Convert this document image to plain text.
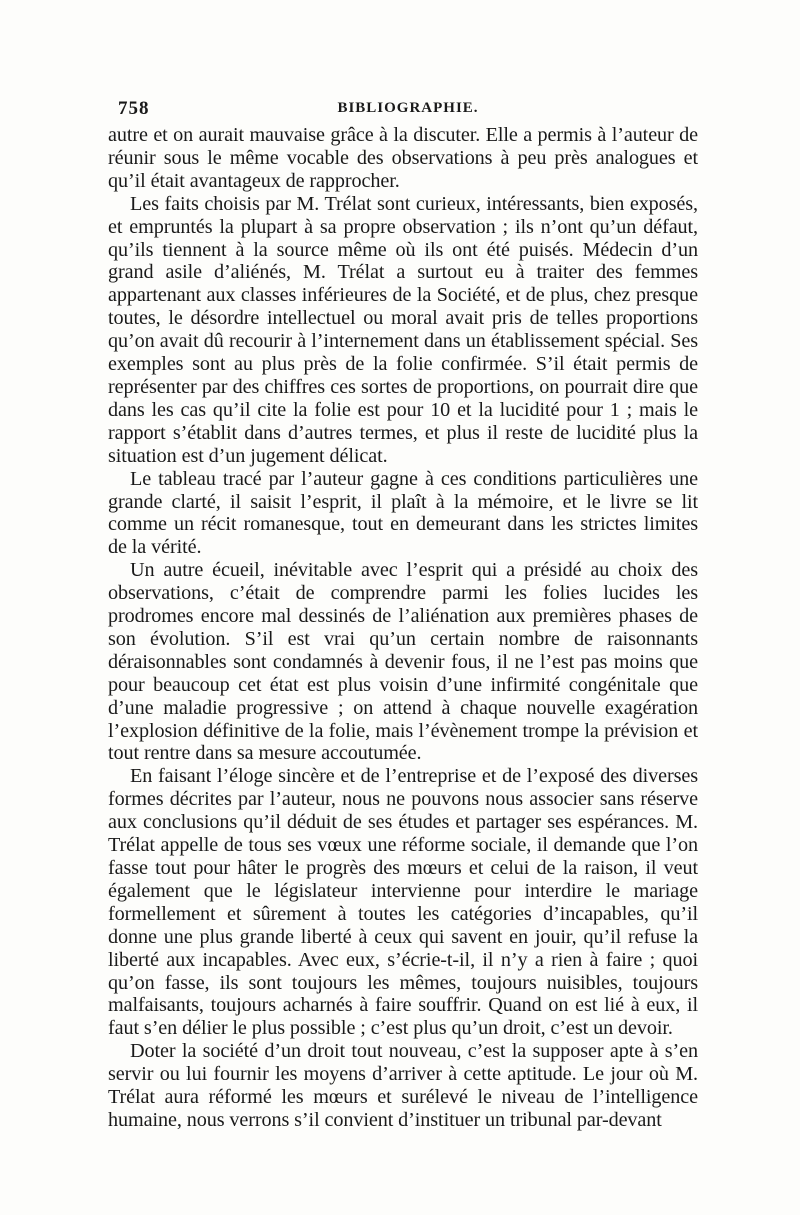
758	BIBLIOGRAPHIE.

autre et on aurait mauvaise grâce à la discuter. Elle a permis à l’auteur de réunir sous le même vocable des observations à peu près analogues et qu’il était avantageux de rapprocher.

Les faits choisis par M. Trélat sont curieux, intéressants, bien exposés, et empruntés la plupart à sa propre observation ; ils n’ont qu’un défaut, qu’ils tiennent à la source même où ils ont été puisés. Médecin d’un grand asile d’aliénés, M. Trélat a surtout eu à traiter des femmes appartenant aux classes inférieures de la Société, et de plus, chez presque toutes, le désordre intellectuel ou moral avait pris de telles proportions qu’on avait dû recourir à l’internement dans un établissement spécial. Ses exemples sont au plus près de la folie confirmée. S’il était permis de représenter par des chiffres ces sortes de proportions, on pourrait dire que dans les cas qu’il cite la folie est pour 10 et la lucidité pour 1 ; mais le rapport s’établit dans d’autres termes, et plus il reste de lucidité plus la situation est d’un jugement délicat.

Le tableau tracé par l’auteur gagne à ces conditions particulières une grande clarté, il saisit l’esprit, il plaît à la mémoire, et le livre se lit comme un récit romanesque, tout en demeurant dans les strictes limites de la vérité.

Un autre écueil, inévitable avec l’esprit qui a présidé au choix des observations, c’était de comprendre parmi les folies lucides les prodromes encore mal dessinés de l’aliénation aux premières phases de son évolution. S’il est vrai qu’un certain nombre de raisonnants déraisonnables sont condamnés à devenir fous, il ne l’est pas moins que pour beaucoup cet état est plus voisin d’une infirmité congénitale que d’une maladie progressive ; on attend à chaque nouvelle exagération l’explosion définitive de la folie, mais l’évènement trompe la prévision et tout rentre dans sa mesure accoutumée.

En faisant l’éloge sincère et de l’entreprise et de l’exposé des diverses formes décrites par l’auteur, nous ne pouvons nous associer sans réserve aux conclusions qu’il déduit de ses études et partager ses espérances. M. Trélat appelle de tous ses vœux une réforme sociale, il demande que l’on fasse tout pour hâter le progrès des mœurs et celui de la raison, il veut également que le législateur intervienne pour interdire le mariage formellement et sûrement à toutes les catégories d’incapables, qu’il donne une plus grande liberté à ceux qui savent en jouir, qu’il refuse la liberté aux incapables. Avec eux, s’écrie-t-il, il n’y a rien à faire ; quoi qu’on fasse, ils sont toujours les mêmes, toujours nuisibles, toujours malfaisants, toujours acharnés à faire souffrir. Quand on est lié à eux, il faut s’en délier le plus possible ; c’est plus qu’un droit, c’est un devoir.

Doter la société d’un droit tout nouveau, c’est la supposer apte à s’en servir ou lui fournir les moyens d’arriver à cette aptitude. Le jour où M. Trélat aura réformé les mœurs et surélevé le niveau de l’intelligence humaine, nous verrons s’il convient d’instituer un tribunal par-devant
